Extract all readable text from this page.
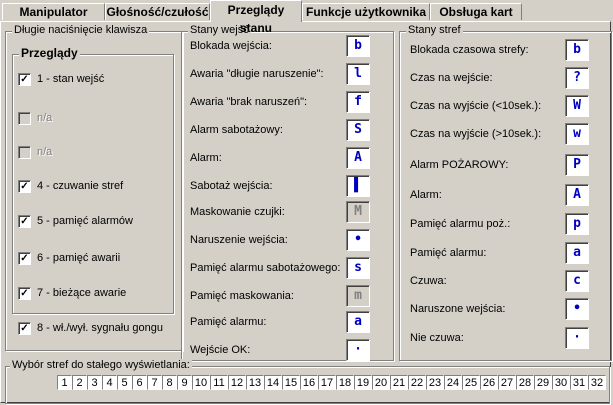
Manipulator	Głośność/czułość	Przeglądy stanu
Funkcje użytkownika	Obsługa kart
Długie naciśnięcie klawisza
Przeglądy
✓ 1 - stan wejść
n/a
n/a
✓ 4 - czuwanie stref
✓ 5 - pamięć alarmów
✓ 6 - pamięć awarii
✓ 7 - bieżące awarie
✓ 8 - wł./wył. sygnału gongu
Stany wejść
Blokada wejścia:	b
Awaria "długie naruszenie":	l
Awaria "brak naruszeń":	f
Alarm sabotażowy:	S
Alarm:	A
Sabotaż wejścia:	▌
Maskowanie czujki:	M
Naruszenie wejścia:	•
Pamięć alarmu sabotażowego:	s
Pamięć maskowania:	m
Pamięć alarmu:	a
Wejście OK:	·
Stany stref
Blokada czasowa strefy:	b
Czas na wejście:	?
Czas na wyjście (<10sek.):	W
Czas na wyjście (>10sek.):	w
Alarm POŻAROWY:	P
Alarm:	A
Pamięć alarmu poż.:	p
Pamięć alarmu:	a
Czuwa:	c
Naruszone wejścia:	•
Nie czuwa:	·
Wybór stref do stałego wyświetlania:
1 2 3 4 5 6 7 8 9 10 11 12 13 14 15 16 17 18 19 20 21 22 23 24 25 26 27 28 29 30 31 32
